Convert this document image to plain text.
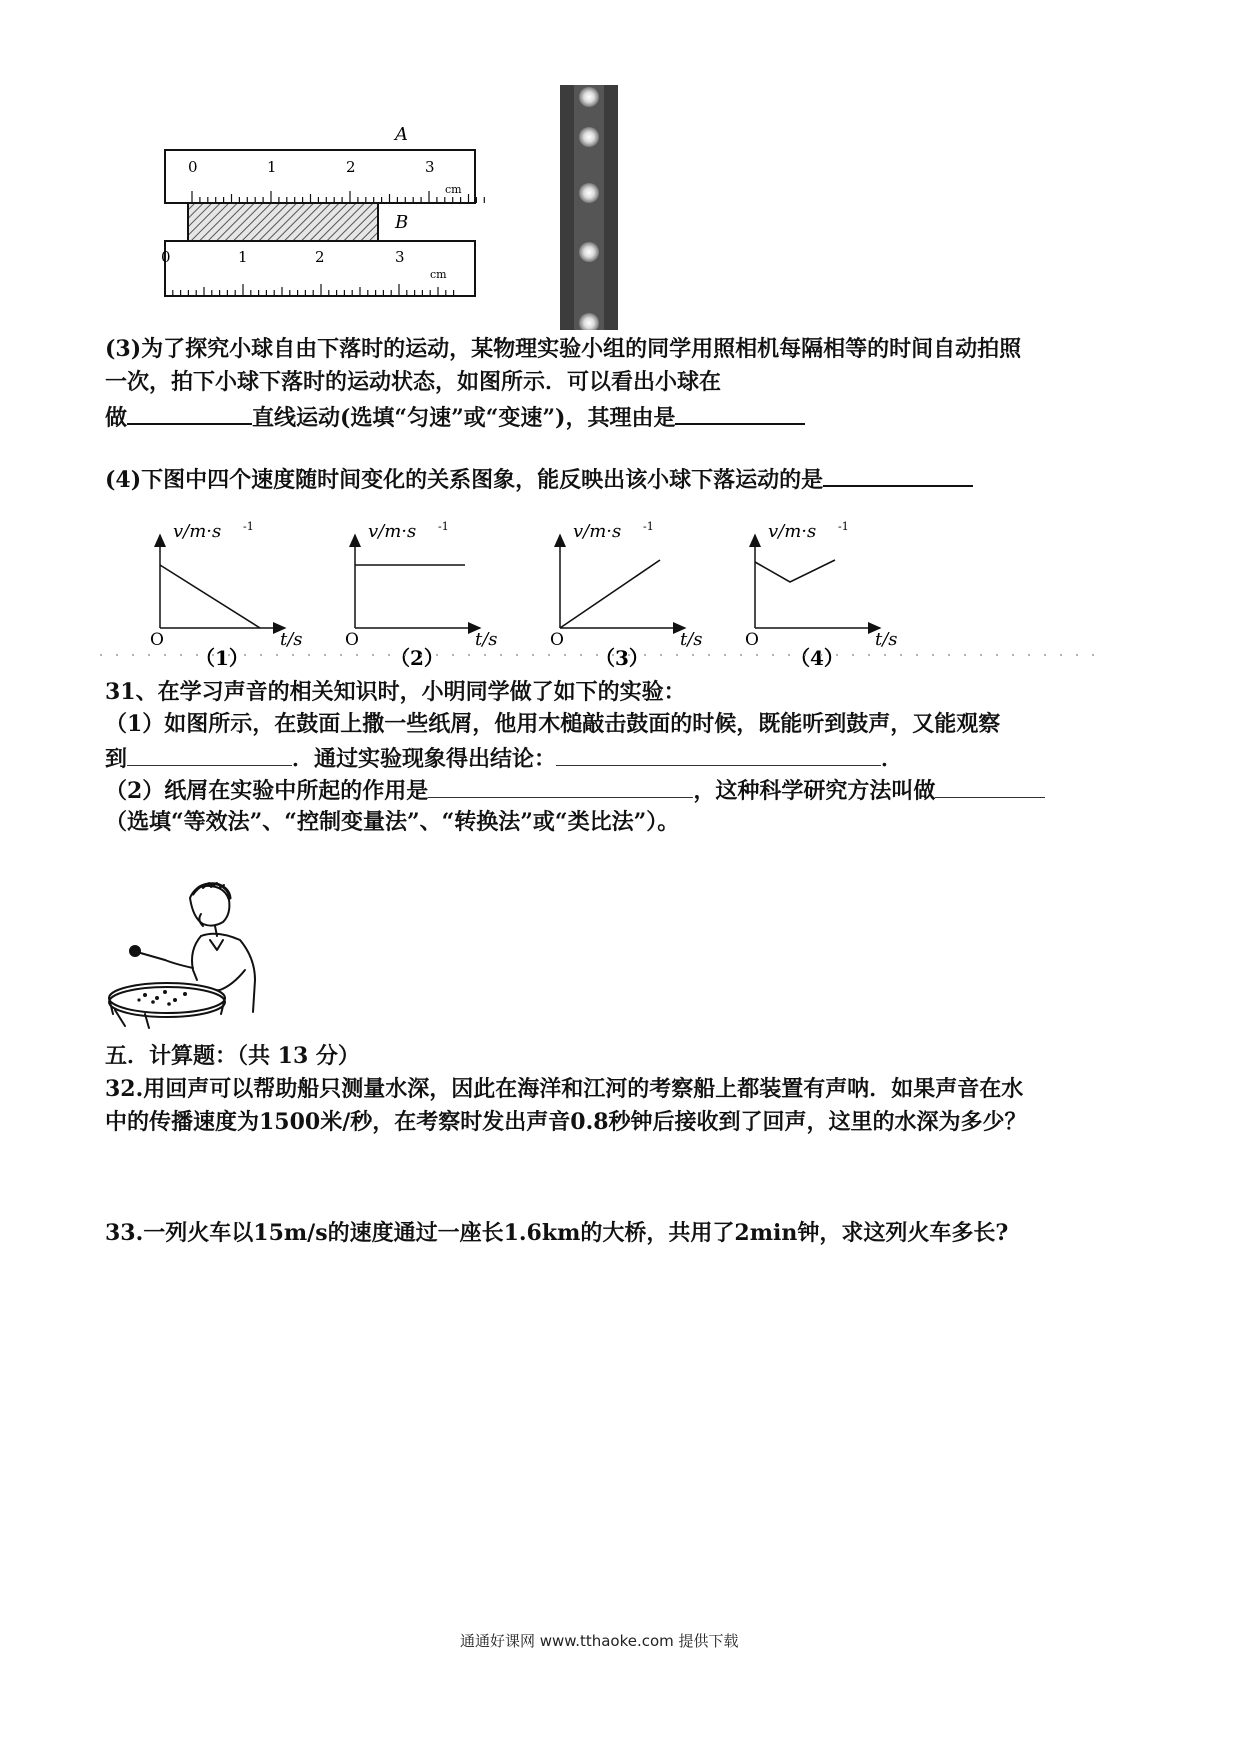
A
0	1	2	3
cm
B
0	1	2	3
cm
(3)为了探究小球自由下落时的运动，某物理实验小组的同学用照相机每隔相等的时间自动拍照
一次，拍下小球下落时的运动状态，如图所示．可以看出小球在
做	直线运动(选填“匀速”或“变速”)，其理由是
(4)下图中四个速度随时间变化的关系图象，能反映出该小球下落运动的是
v/m·s -1
O	t/s
（1）
v/m·s -1
O	t/s
（2）
v/m·s -1
O	t/s
（3）
v/m·s -1
O	t/s
（4）
31、在学习声音的相关知识时，小明同学做了如下的实验：
（1）如图所示，在鼓面上撒一些纸屑，他用木槌敲击鼓面的时候，既能听到鼓声，又能观察
到	．通过实验现象得出结论：	．
（2）纸屑在实验中所起的作用是	，这种科学研究方法叫做
（选填“等效法”、“控制变量法”、“转换法”或“类比法”）。
五．计算题：（共 13 分）
32.用回声可以帮助船只测量水深，因此在海洋和江河的考察船上都装置有声呐．如果声音在水
中的传播速度为1500米/秒，在考察时发出声音0.8秒钟后接收到了回声，这里的水深为多少？
33.一列火车以15m/s的速度通过一座长1.6km的大桥，共用了2min钟，求这列火车多长?
通通好课网 www.tthaoke.com 提供下载
